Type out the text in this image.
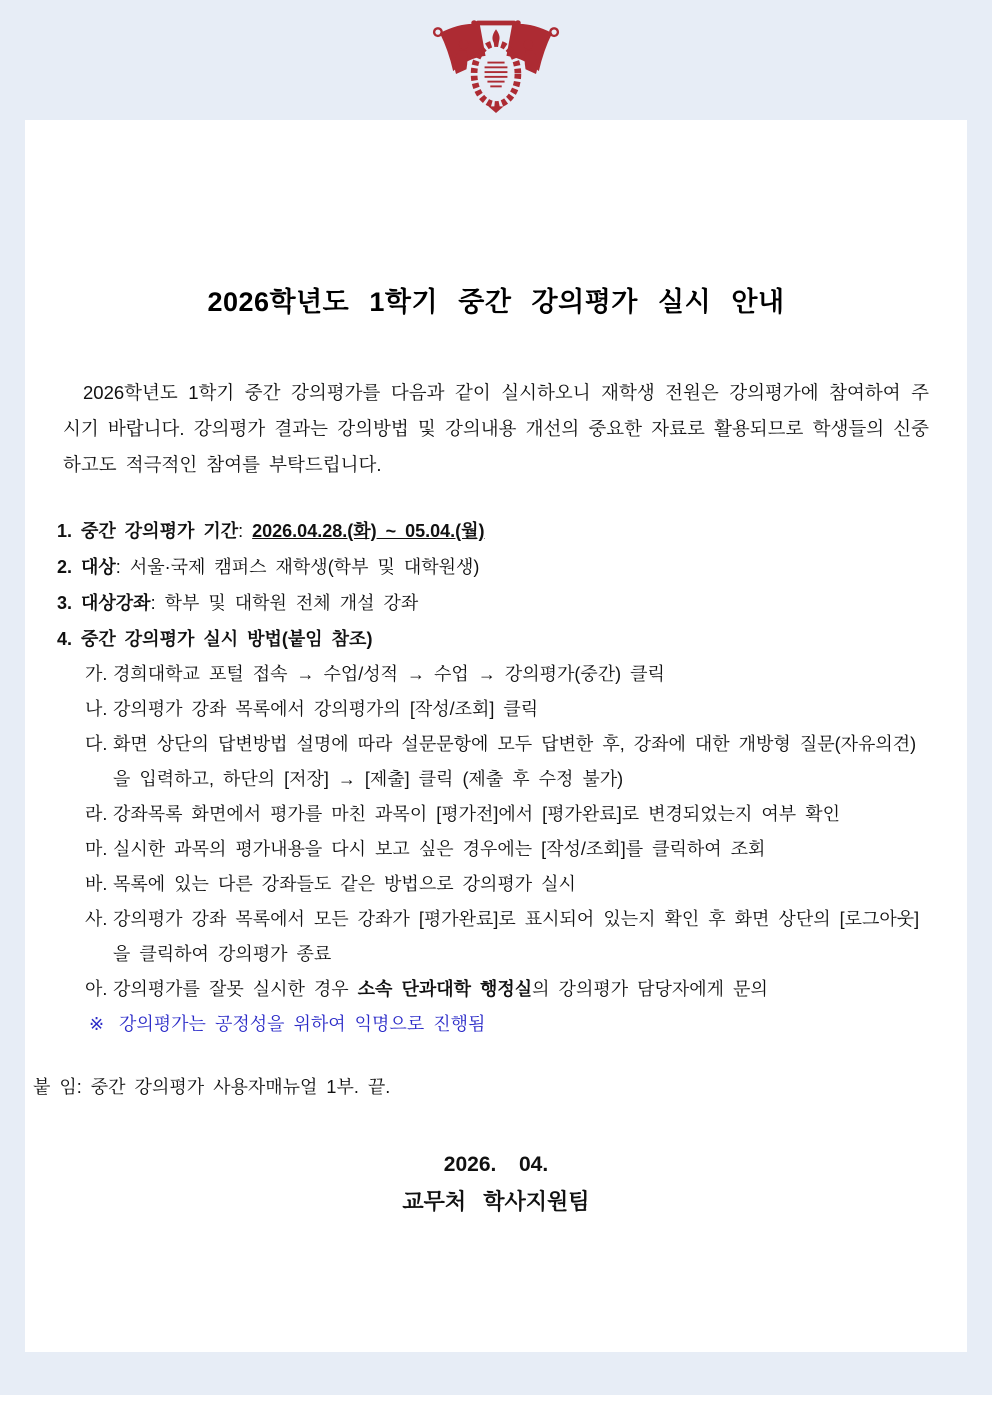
2026학년도 1학기 중간 강의평가 실시 안내
2026학년도 1학기 중간 강의평가를 다음과 같이 실시하오니 재학생 전원은 강의평가에 참여하여 주시기 바랍니다. 강의평가 결과는 강의방법 및 강의내용 개선의 중요한 자료로 활용되므로 학생들의 신중하고도 적극적인 참여를 부탁드립니다.
1. 중간 강의평가 기간: 2026.04.28.(화) ~ 05.04.(월)
2. 대상: 서울·국제 캠퍼스 재학생(학부 및 대학원생)
3. 대상강좌: 학부 및 대학원 전체 개설 강좌
4. 중간 강의평가 실시 방법(붙임 참조)
가. 경희대학교 포털 접속 → 수업/성적 → 수업 → 강의평가(중간) 클릭
나. 강의평가 강좌 목록에서 강의평가의 [작성/조회] 클릭
다. 화면 상단의 답변방법 설명에 따라 설문문항에 모두 답변한 후, 강좌에 대한 개방형 질문(자유의견)을 입력하고, 하단의 [저장] → [제출] 클릭 (제출 후 수정 불가)
라. 강좌목록 화면에서 평가를 마친 과목이 [평가전]에서 [평가완료]로 변경되었는지 여부 확인
마. 실시한 과목의 평가내용을 다시 보고 싶은 경우에는 [작성/조회]를 클릭하여 조회
바. 목록에 있는 다른 강좌들도 같은 방법으로 강의평가 실시
사. 강의평가 강좌 목록에서 모든 강좌가 [평가완료]로 표시되어 있는지 확인 후 화면 상단의 [로그아웃]을 클릭하여 강의평가 종료
아. 강의평가를 잘못 실시한 경우 소속 단과대학 행정실의 강의평가 담당자에게 문의
※ 강의평가는 공정성을 위하여 익명으로 진행됨
붙 임: 중간 강의평가 사용자매뉴얼 1부. 끝.
2026. 04.
교무처 학사지원팀
